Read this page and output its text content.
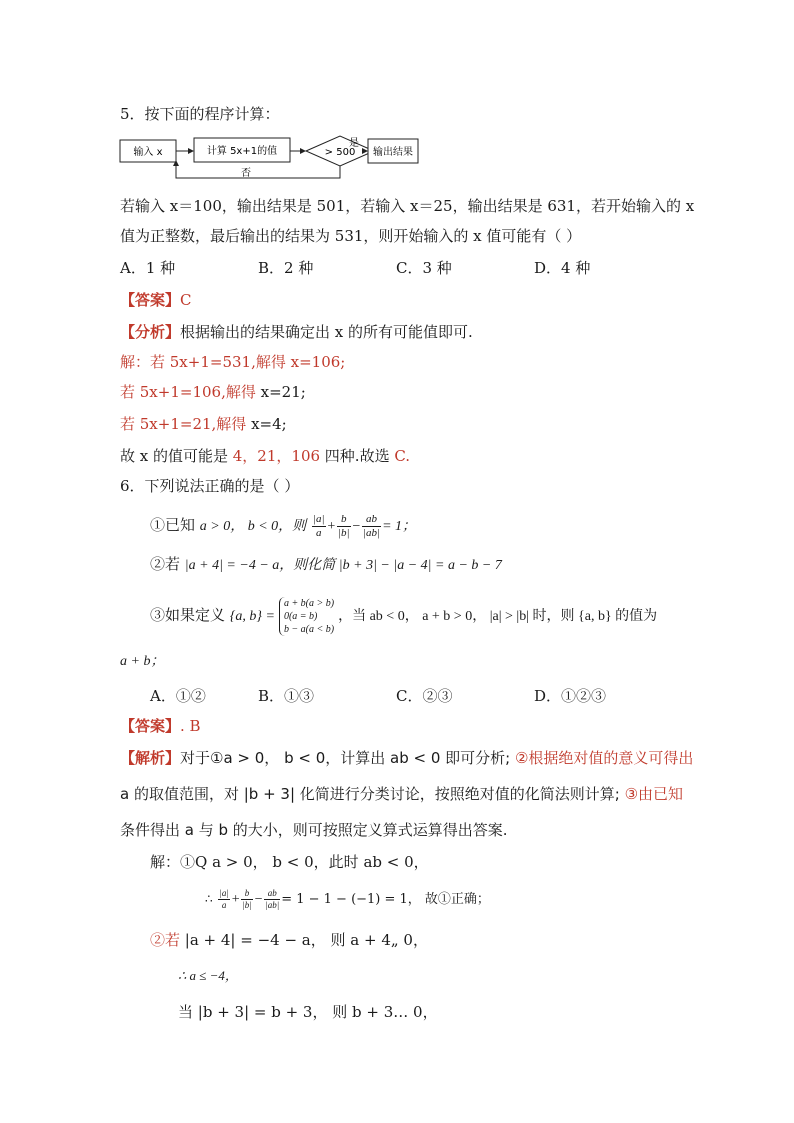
5．按下面的程序计算：
输入 x	计算 5x+1的值	> 500
是
输出结果
否
若输入 x＝100，输出结果是 501，若输入 x＝25，输出结果是 631，若开始输入的 x
值为正整数，最后输出的结果为 531，则开始输入的 x 值可能有（ ）
A．1 种	B．2 种	C．3 种	D．4 种
【答案】C
【分析】根据输出的结果确定出 x 的所有可能值即可.
解：若 5x+1=531,解得 x=106;
若 5x+1=106,解得 x=21;
若 5x+1=21,解得 x=4;
故 x 的值可能是 4，21，106 四种.故选 C.
6．下列说法正确的是（ ）
①已知 a > 0， b < 0，则 $\frac{|a|}{a} + \frac{b}{|b|} - \frac{ab}{|ab|} = 1$；
②若 |a + 4| = −4 − a，则化简 |b + 3| − |a − 4| = a − b − 7
③如果定义 {a, b} =
a + b(a > b)
0(a = b)
b − a(a < b)
，当 ab < 0， a + b > 0， |a| > |b| 时，则 {a, b} 的值为
a + b；
A．①②	B．①③	C．②③	D．①②③
【答案】. B
【解析】对于①a > 0， b < 0，计算出 ab < 0 即可分析; ②根据绝对值的意义可得出
a 的取值范围，对 |b + 3| 化简进行分类讨论，按照绝对值的化简法则计算; ③由已知
条件得出 a 与 b 的大小，则可按照定义算式运算得出答案.
解：①Q a > 0， b < 0，此时 ab < 0，
∴ $\frac{|a|}{a} + \frac{b}{|b|} - \frac{ab}{|ab|} = 1 - 1 - (-1) = 1$， 故①正确；
②若 |a + 4| = −4 − a， 则 a + 4„ 0，
∴ a ≤ −4，
当 |b + 3| = b + 3， 则 b + 3… 0，
